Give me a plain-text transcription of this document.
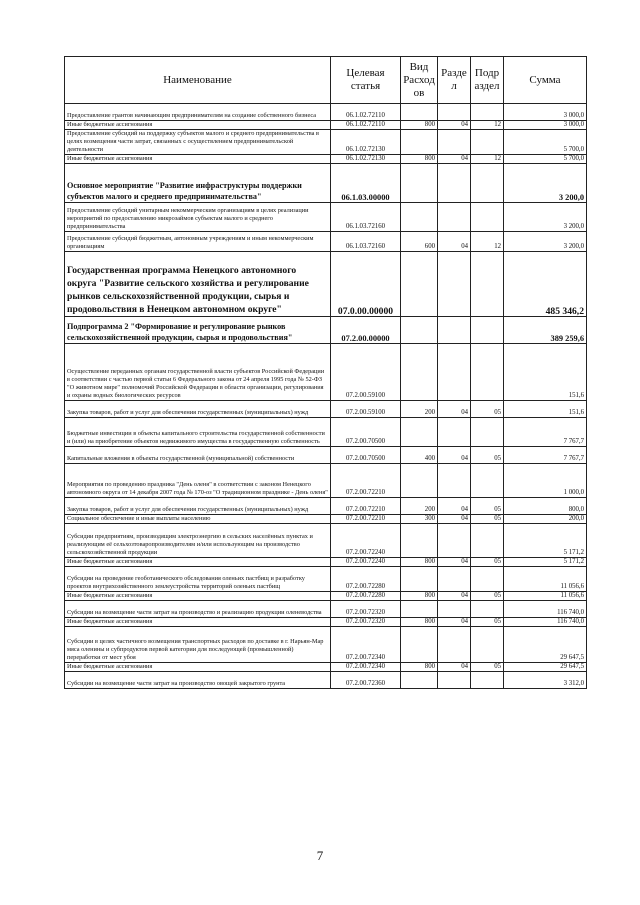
Наименование	Целевая статья	Вид Расход ов	Разде л	Подр аздел	Сумма
Предоставление грантов начинающим предпринимателям на создание собственного бизнеса	06.1.02.72110				3 000,0
Иные бюджетные ассигнования	06.1.02.72110	800	04	12	3 000,0
Предоставление субсидий на поддержку субъектов малого и среднего предпринимательства в целях возмещения части затрат, связанных с осуществлением предпринимательской деятельности	06.1.02.72130				5 700,0
Иные бюджетные ассигнования	06.1.02.72130	800	04	12	5 700,0
Основное мероприятие "Развитие инфраструктуры поддержки субъектов малого и среднего предпринимательства"	06.1.03.00000				3 200,0
Предоставление субсидий унитарным некоммерческим организациям в целях реализации мероприятий по предоставлению микрозаймов субъектам малого и среднего предпринимательства	06.1.03.72160				3 200,0
Предоставление субсидий бюджетным, автономным учреждениям и иным некоммерческим организациям	06.1.03.72160	600	04	12	3 200,0
Государственная программа Ненецкого автономного округа "Развитие сельского хозяйства и регулирование рынков сельскохозяйственной продукции, сырья и продовольствия в Ненецком автономном округе"	07.0.00.00000				485 346,2
Подпрограмма 2 "Формирование и регулирование рынков сельскохозяйственной продукции, сырья и продовольствия"	07.2.00.00000				389 259,6
Осуществление переданных органам государственной власти субъектов Российской Федерации в соответствии с частью первой статьи 6 Федерального закона от 24 апреля 1995 года № 52-ФЗ "О животном мире" полномочий Российской Федерации в области организации, регулирования и охраны водных биологических ресурсов	07.2.00.59100				151,6
Закупка товаров, работ и услуг для обеспечения государственных (муниципальных) нужд	07.2.00.59100	200	04	05	151,6
Бюджетные инвестиции в объекты капитального строительства государственной собственности и (или) на приобретение объектов недвижимого имущества в государственную собственность	07.2.00.70500				7 767,7
Капитальные вложения в объекты государственной (муниципальной) собственности	07.2.00.70500	400	04	05	7 767,7
Мероприятия по проведению праздника "День оленя" в соответствии с законом Ненецкого автономного округа от 14 декабря 2007 года № 170-оз "О традиционном празднике - День оленя"	07.2.00.72210				1 000,0
Закупка товаров, работ и услуг для обеспечения государственных (муниципальных) нужд	07.2.00.72210	200	04	05	800,0
Социальное обеспечение и иные выплаты населению	07.2.00.72210	300	04	05	200,0
Субсидии предприятиям, производящим электроэнергию в сельских населённых пунктах и реализующим её сельхозтоваропроизводителям и/или использующим на производство сельскохозяйственной продукции	07.2.00.72240				5 171,2
Иные бюджетные ассигнования	07.2.00.72240	800	04	05	5 171,2
Субсидии на проведение геоботанического обследования оленьих пастбищ и разработку проектов внутрихозяйственного землеустройства территорий оленьих пастбищ	07.2.00.72280				11 056,6
Иные бюджетные ассигнования	07.2.00.72280	800	04	05	11 056,6
Субсидии на возмещение части затрат на производство и реализацию продукции оленеводства	07.2.00.72320				116 740,0
Иные бюджетные ассигнования	07.2.00.72320	800	04	05	116 740,0
Субсидии в целях частичного возмещения транспортных расходов по доставке в г. Нарьян-Мар мяса оленины и субпродуктов первой категории для последующей (промышленной) переработки от мест убоя	07.2.00.72340				29 647,5
Иные бюджетные ассигнования	07.2.00.72340	800	04	05	29 647,5
Субсидии на возмещение части затрат на производство овощей закрытого грунта	07.2.00.72360				3 312,0
7
